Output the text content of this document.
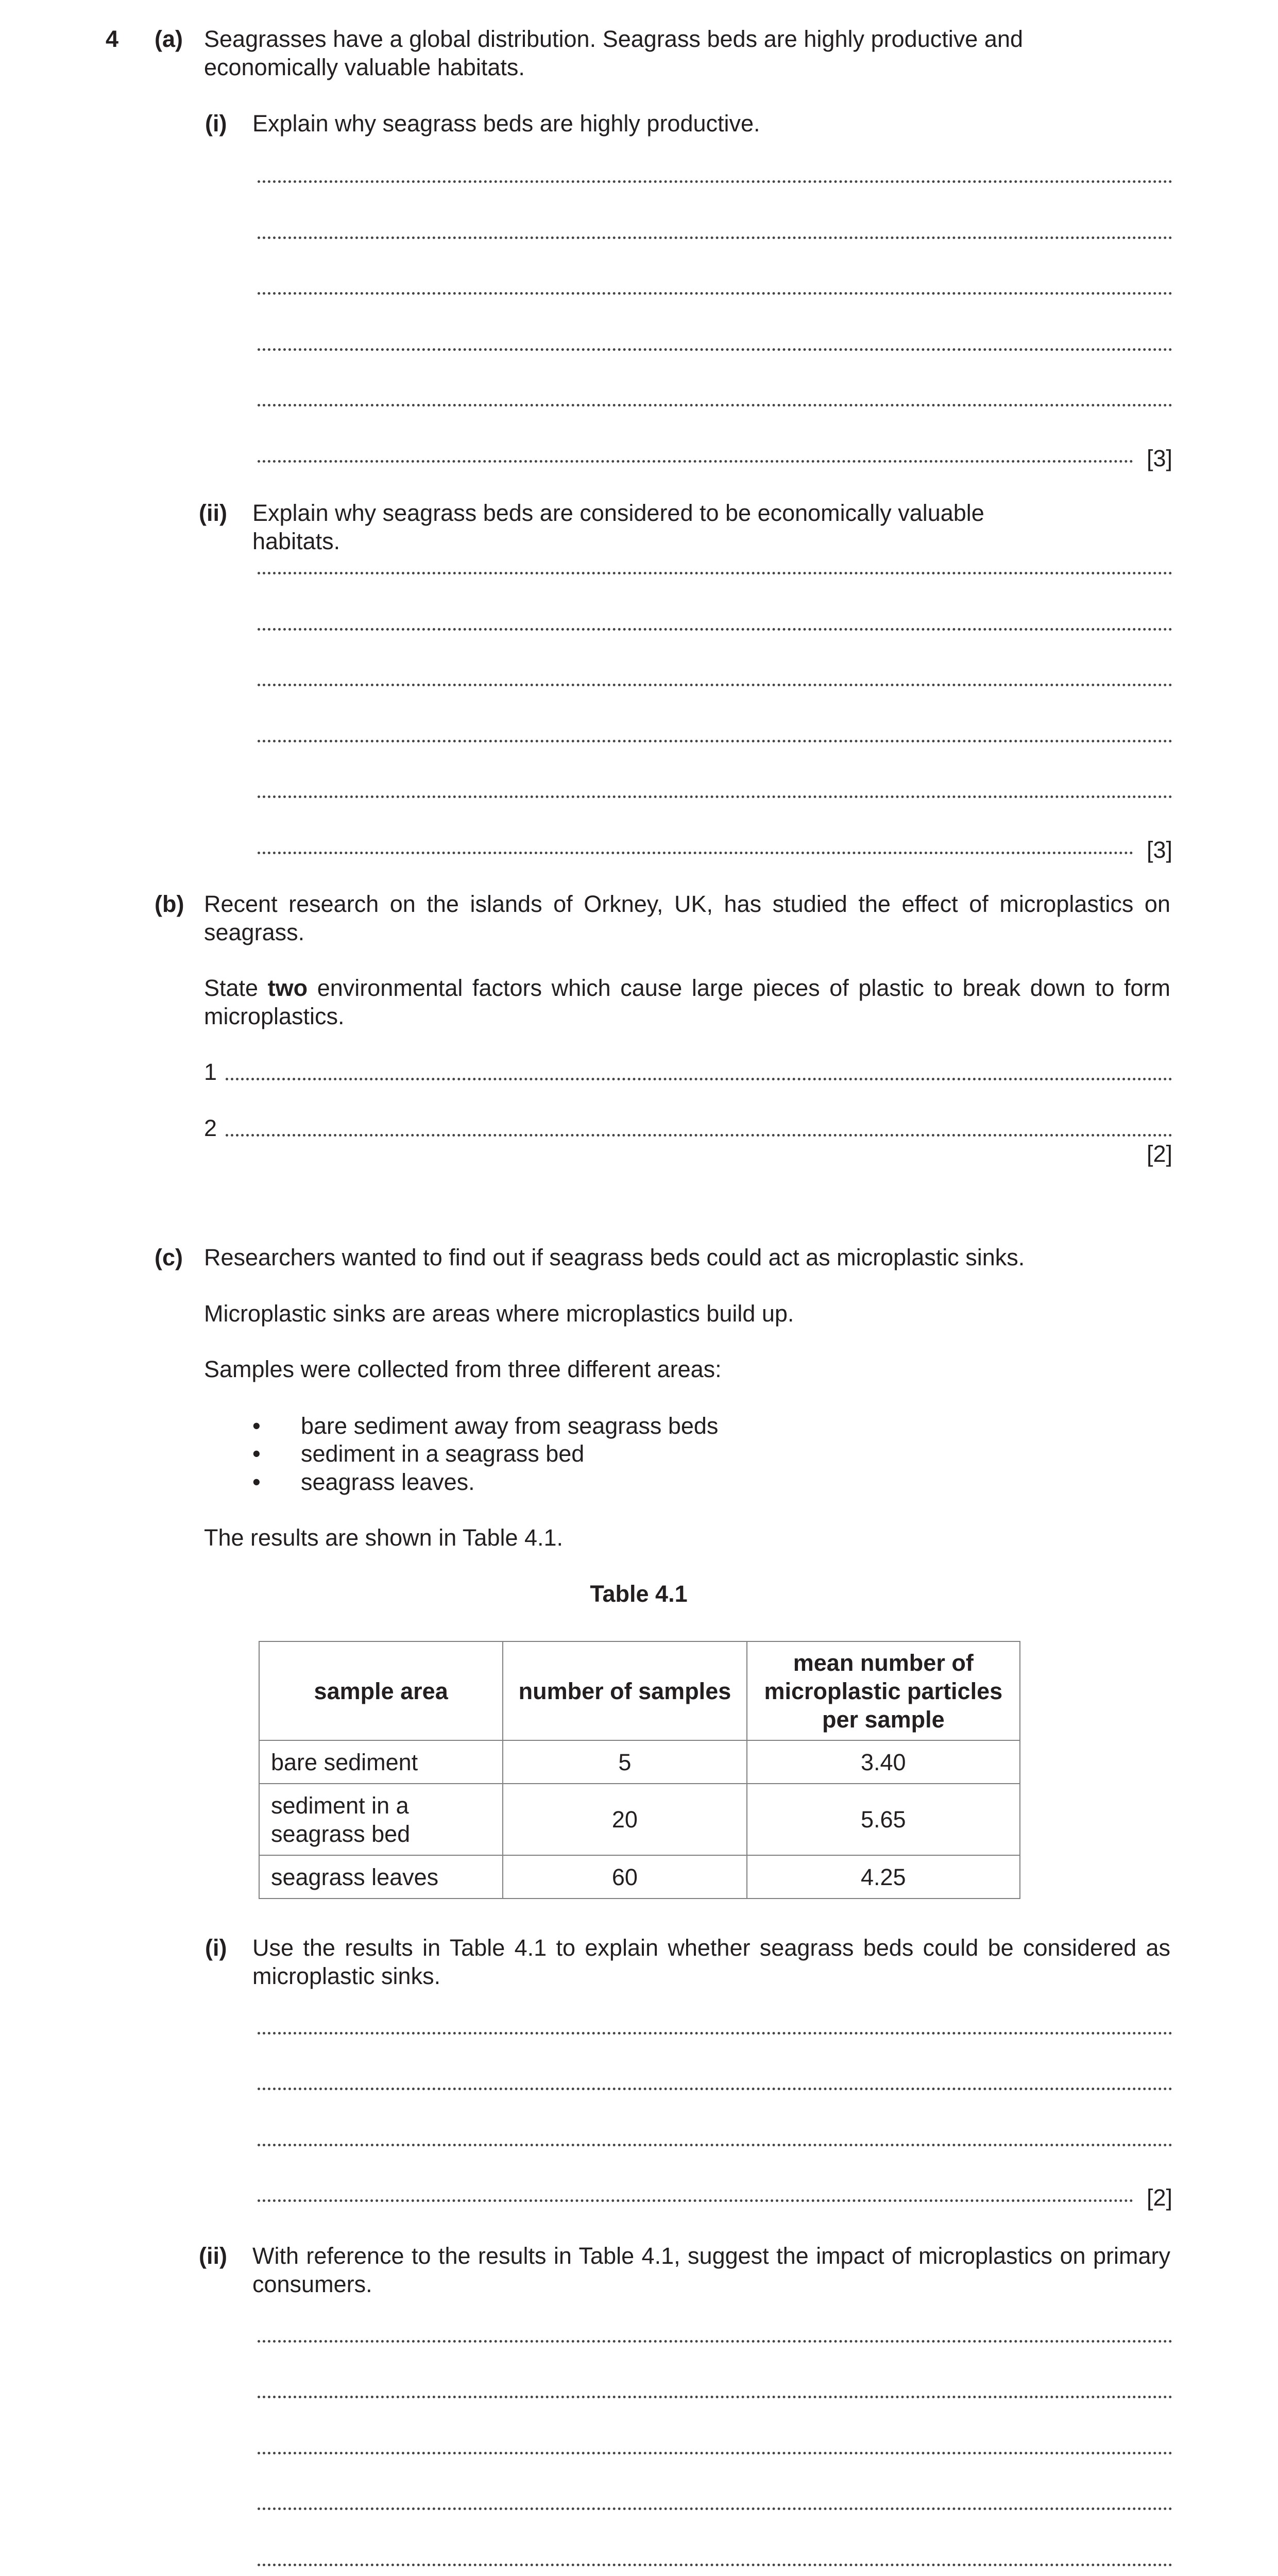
4 (a) Seagrasses have a global distribution. Seagrass beds are highly productive and economically valuable habitats.
(i) Explain why seagrass beds are highly productive.
[3]
(ii) Explain why seagrass beds are considered to be economically valuable habitats.
[3]
(b) Recent research on the islands of Orkney, UK, has studied the effect of microplastics on seagrass.
State two environmental factors which cause large pieces of plastic to break down to form microplastics.
1
2
[2]
(c) Researchers wanted to find out if seagrass beds could act as microplastic sinks.
Microplastic sinks are areas where microplastics build up.
Samples were collected from three different areas:
• bare sediment away from seagrass beds
• sediment in a seagrass bed
• seagrass leaves.
The results are shown in Table 4.1.
Table 4.1
sample area	number of samples	mean number of microplastic particles per sample
bare sediment	5	3.40
sediment in a seagrass bed	20	5.65
seagrass leaves	60	4.25
(i) Use the results in Table 4.1 to explain whether seagrass beds could be considered as microplastic sinks.
[2]
(ii) With reference to the results in Table 4.1, suggest the impact of microplastics on primary consumers.
